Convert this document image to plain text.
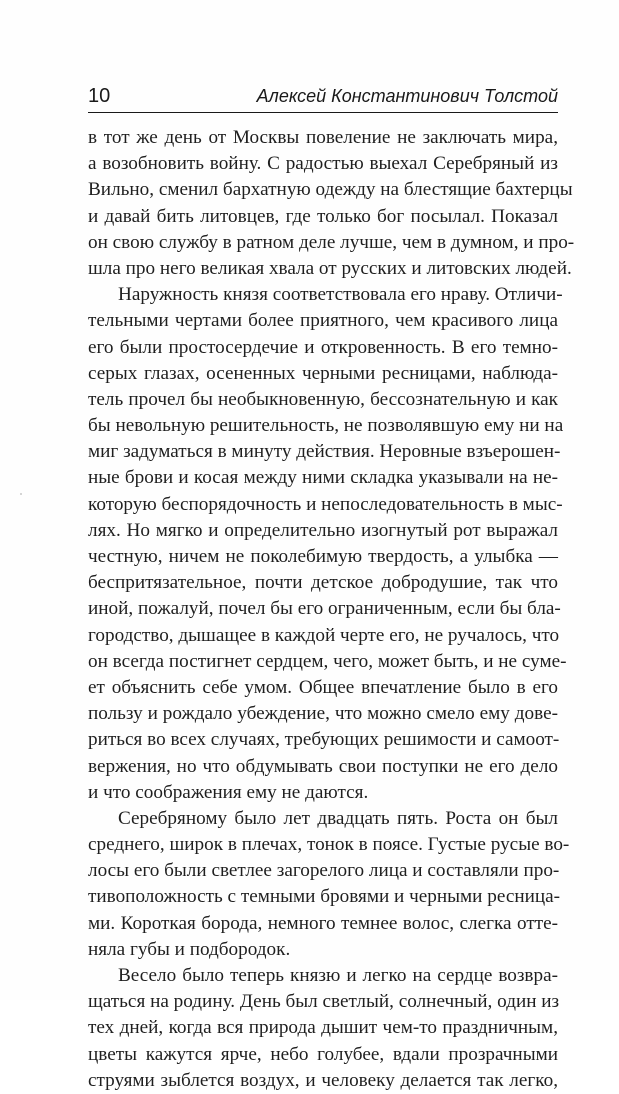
10	Алексей Константинович Толстой
в тот же день от Москвы повеление не заключать мира,
а возобновить войну. С радостью выехал Серебряный из
Вильно, сменил бархатную одежду на блестящие бахтерцы
и давай бить литовцев, где только бог посылал. Показал
он свою службу в ратном деле лучше, чем в думном, и про-
шла про него великая хвала от русских и литовских людей.
Наружность князя соответствовала его нраву. Отличи-
тельными чертами более приятного, чем красивого лица
его были простосердечие и откровенность. В его темно-
серых глазах, осененных черными ресницами, наблюда-
тель прочел бы необыкновенную, бессознательную и как
бы невольную решительность, не позволявшую ему ни на
миг задуматься в минуту действия. Неровные взъерошен-
ные брови и косая между ними складка указывали на не-
которую беспорядочность и непоследовательность в мыс-
лях. Но мягко и определительно изогнутый рот выражал
честную, ничем не поколебимую твердость, а улыбка —
беспритязательное, почти детское добродушие, так что
иной, пожалуй, почел бы его ограниченным, если бы бла-
городство, дышащее в каждой черте его, не ручалось, что
он всегда постигнет сердцем, чего, может быть, и не суме-
ет объяснить себе умом. Общее впечатление было в его
пользу и рождало убеждение, что можно смело ему дове-
риться во всех случаях, требующих решимости и самоот-
вержения, но что обдумывать свои поступки не его дело
и что соображения ему не даются.
Серебряному было лет двадцать пять. Роста он был
среднего, широк в плечах, тонок в поясе. Густые русые во-
лосы его были светлее загорелого лица и составляли про-
тивоположность с темными бровями и черными ресница-
ми. Короткая борода, немного темнее волос, слегка отте-
няла губы и подбородок.
Весело было теперь князю и легко на сердце возвра-
щаться на родину. День был светлый, солнечный, один из
тех дней, когда вся природа дышит чем-то праздничным,
цветы кажутся ярче, небо голубее, вдали прозрачными
струями зыблется воздух, и человеку делается так легко,
